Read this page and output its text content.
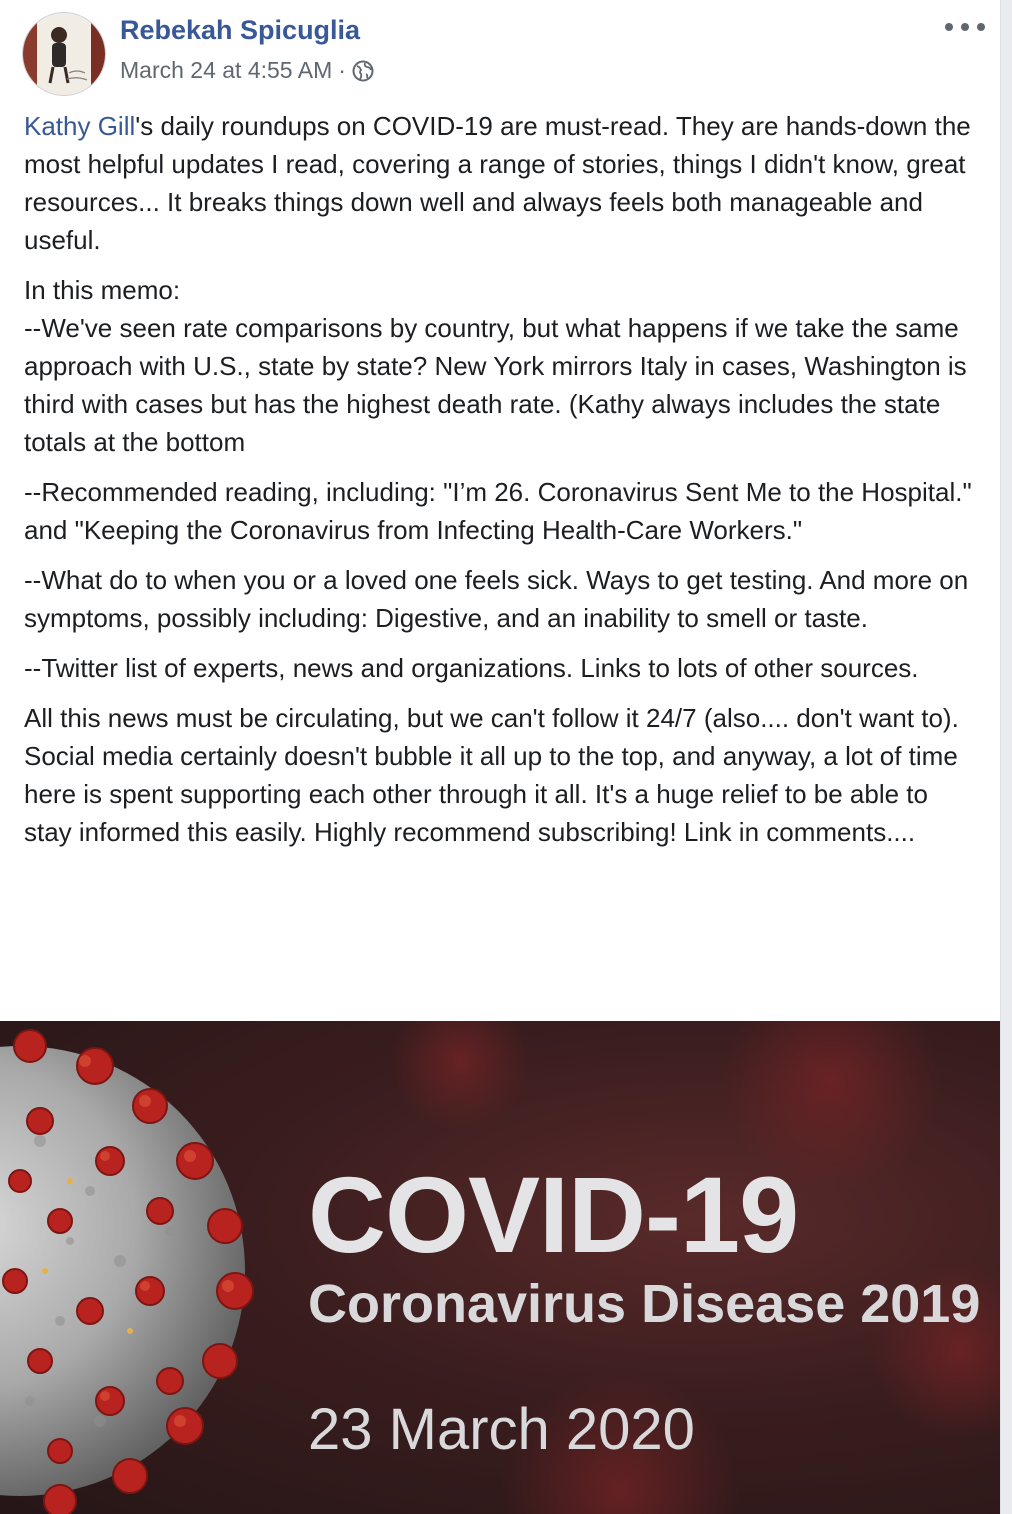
Rebekah Spicuglia
March 24 at 4:55 AM ·

Kathy Gill's daily roundups on COVID-19 are must-read. They are hands-down the most helpful updates I read, covering a range of stories, things I didn't know, great resources... It breaks things down well and always feels both manageable and useful.

In this memo:
--We've seen rate comparisons by country, but what happens if we take the same approach with U.S., state by state? New York mirrors Italy in cases, Washington is third with cases but has the highest death rate. (Kathy always includes the state totals at the bottom

--Recommended reading, including: "I’m 26. Coronavirus Sent Me to the Hospital." and "Keeping the Coronavirus from Infecting Health-Care Workers."

--What do to when you or a loved one feels sick. Ways to get testing. And more on symptoms, possibly including: Digestive, and an inability to smell or taste.

--Twitter list of experts, news and organizations. Links to lots of other sources.

All this news must be circulating, but we can't follow it 24/7 (also.... don't want to). Social media certainly doesn't bubble it all up to the top, and anyway, a lot of time here is spent supporting each other through it all. It's a huge relief to be able to stay informed this easily. Highly recommend subscribing! Link in comments....

COVID-19
Coronavirus Disease 2019
23 March 2020
